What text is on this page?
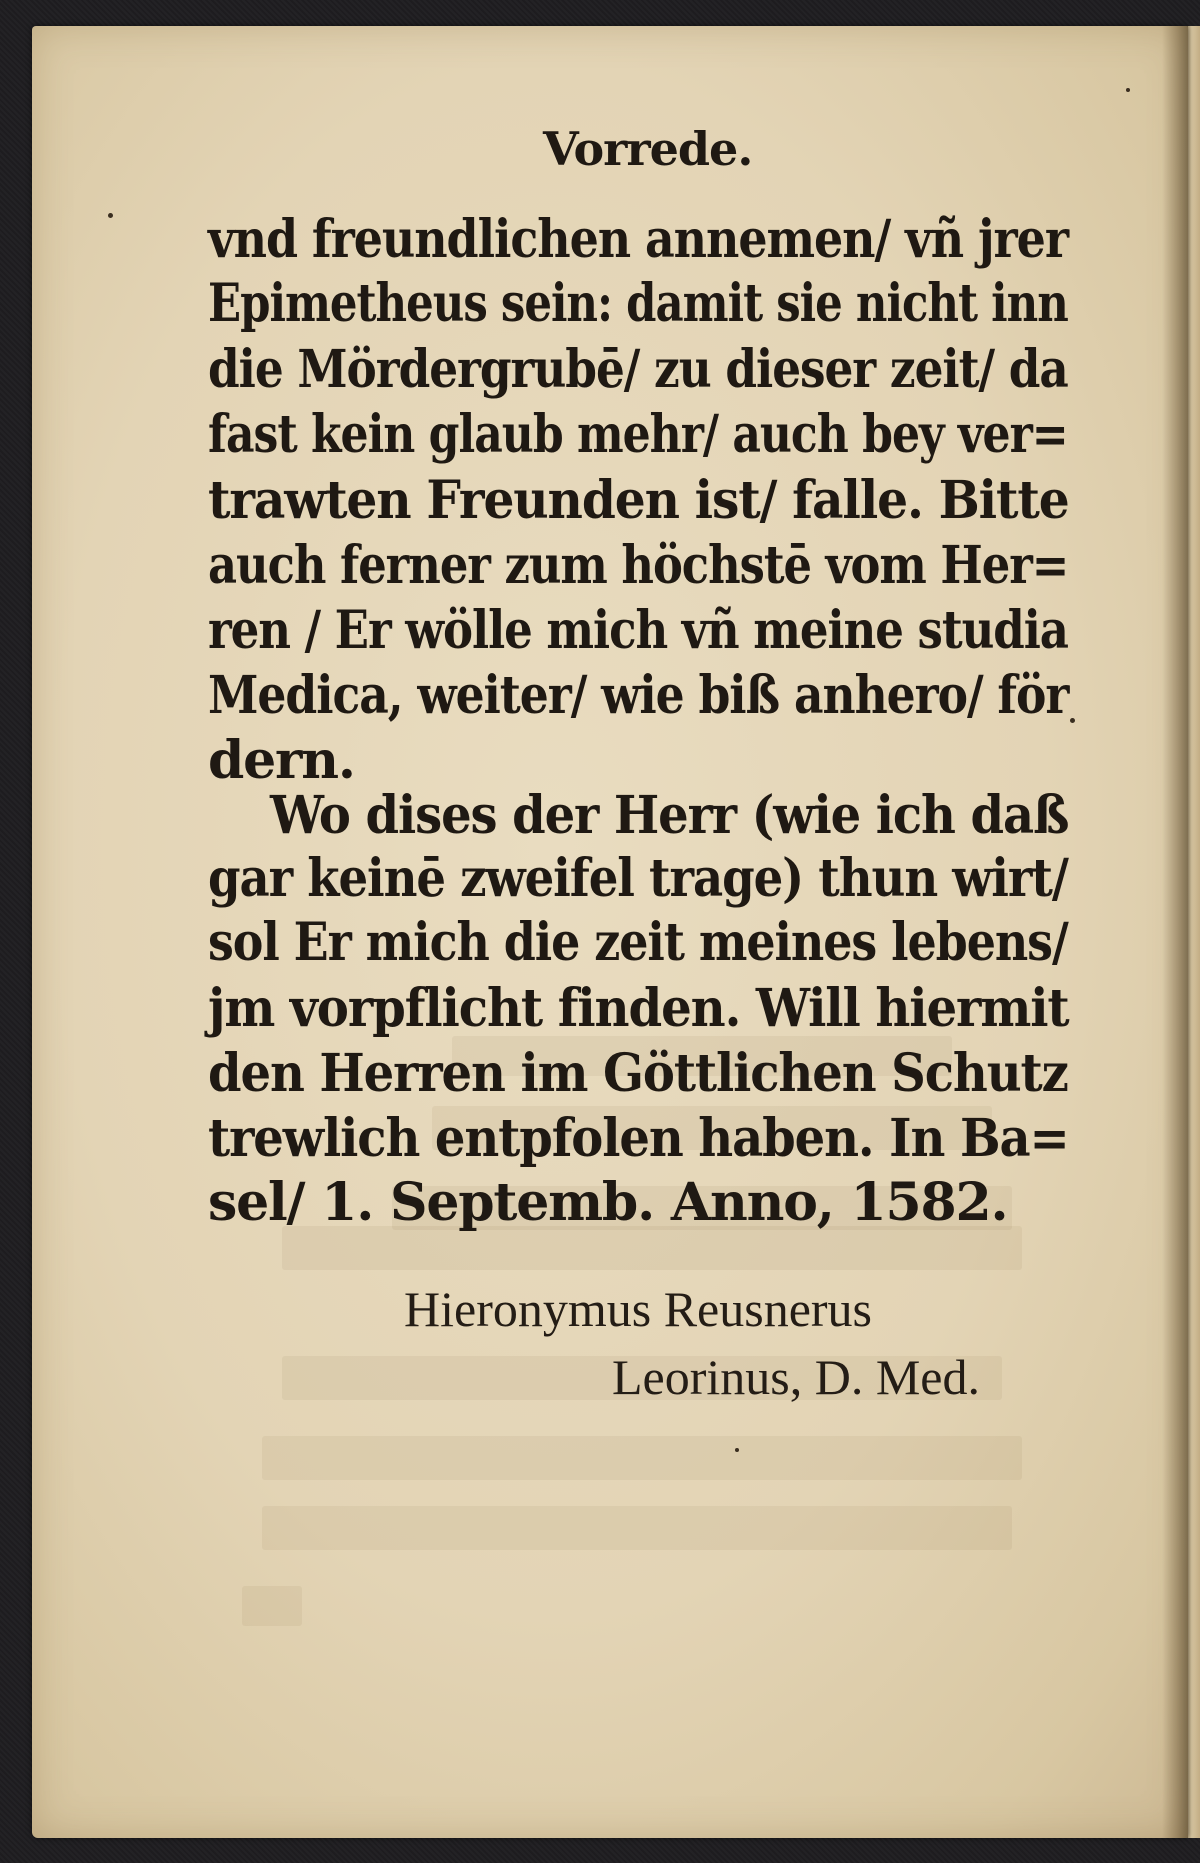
Vorrede.
vnd freundlichen annemen/ vñ jrer
Epimetheus sein: damit sie nicht inn
die Mördergrubē/ zu dieser zeit/ da
fast kein glaub mehr/ auch bey ver=
trawten Freunden ist/ falle. Bitte
auch ferner zum höchstē vom Her=
ren / Er wölle mich vñ meine studia
Medica, weiter/ wie biß anhero/ för
dern.
Wo dises der Herr (wie ich daß
gar keinē zweifel trage) thun wirt/
sol Er mich die zeit meines lebens/
jm vorpflicht finden. Will hiermit
den Herren im Göttlichen Schutz
trewlich entpfolen haben. In Ba=
sel/ 1. Septemb. Anno, 1582.
Hieronymus Reusnerus
Leorinus, D. Med.
